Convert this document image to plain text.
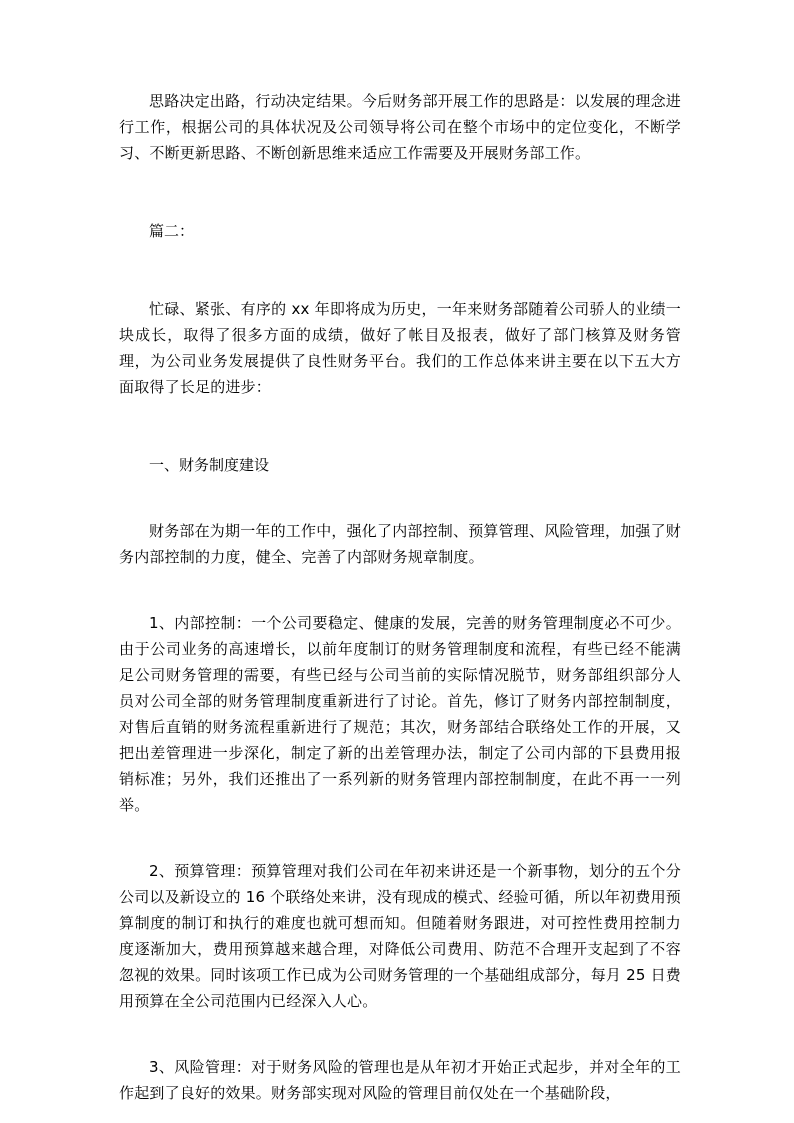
思路决定出路，行动决定结果。今后财务部开展工作的思路是：以发展的理念进行工作，根据公司的具体状况及公司领导将公司在整个市场中的定位变化，不断学习、不断更新思路、不断创新思维来适应工作需要及开展财务部工作。

篇二：

忙碌、紧张、有序的 xx 年即将成为历史，一年来财务部随着公司骄人的业绩一块成长，取得了很多方面的成绩，做好了帐目及报表，做好了部门核算及财务管理，为公司业务发展提供了良性财务平台。我们的工作总体来讲主要在以下五大方面取得了长足的进步：

一、财务制度建设

财务部在为期一年的工作中，强化了内部控制、预算管理、风险管理，加强了财务内部控制的力度，健全、完善了内部财务规章制度。

1、内部控制：一个公司要稳定、健康的发展，完善的财务管理制度必不可少。由于公司业务的高速增长，以前年度制订的财务管理制度和流程，有些已经不能满足公司财务管理的需要，有些已经与公司当前的实际情况脱节，财务部组织部分人员对公司全部的财务管理制度重新进行了讨论。首先，修订了财务内部控制制度，对售后直销的财务流程重新进行了规范；其次，财务部结合联络处工作的开展，又把出差管理进一步深化，制定了新的出差管理办法，制定了公司内部的下县费用报销标准；另外，我们还推出了一系列新的财务管理内部控制制度，在此不再一一列举。

2、预算管理：预算管理对我们公司在年初来讲还是一个新事物，划分的五个分公司以及新设立的 16 个联络处来讲，没有现成的模式、经验可循，所以年初费用预算制度的制订和执行的难度也就可想而知。但随着财务跟进，对可控性费用控制力度逐渐加大，费用预算越来越合理，对降低公司费用、防范不合理开支起到了不容忽视的效果。同时该项工作已成为公司财务管理的一个基础组成部分，每月 25 日费用预算在全公司范围内已经深入人心。

3、风险管理：对于财务风险的管理也是从年初才开始正式起步，并对全年的工作起到了良好的效果。财务部实现对风险的管理目前仅处在一个基础阶段，
